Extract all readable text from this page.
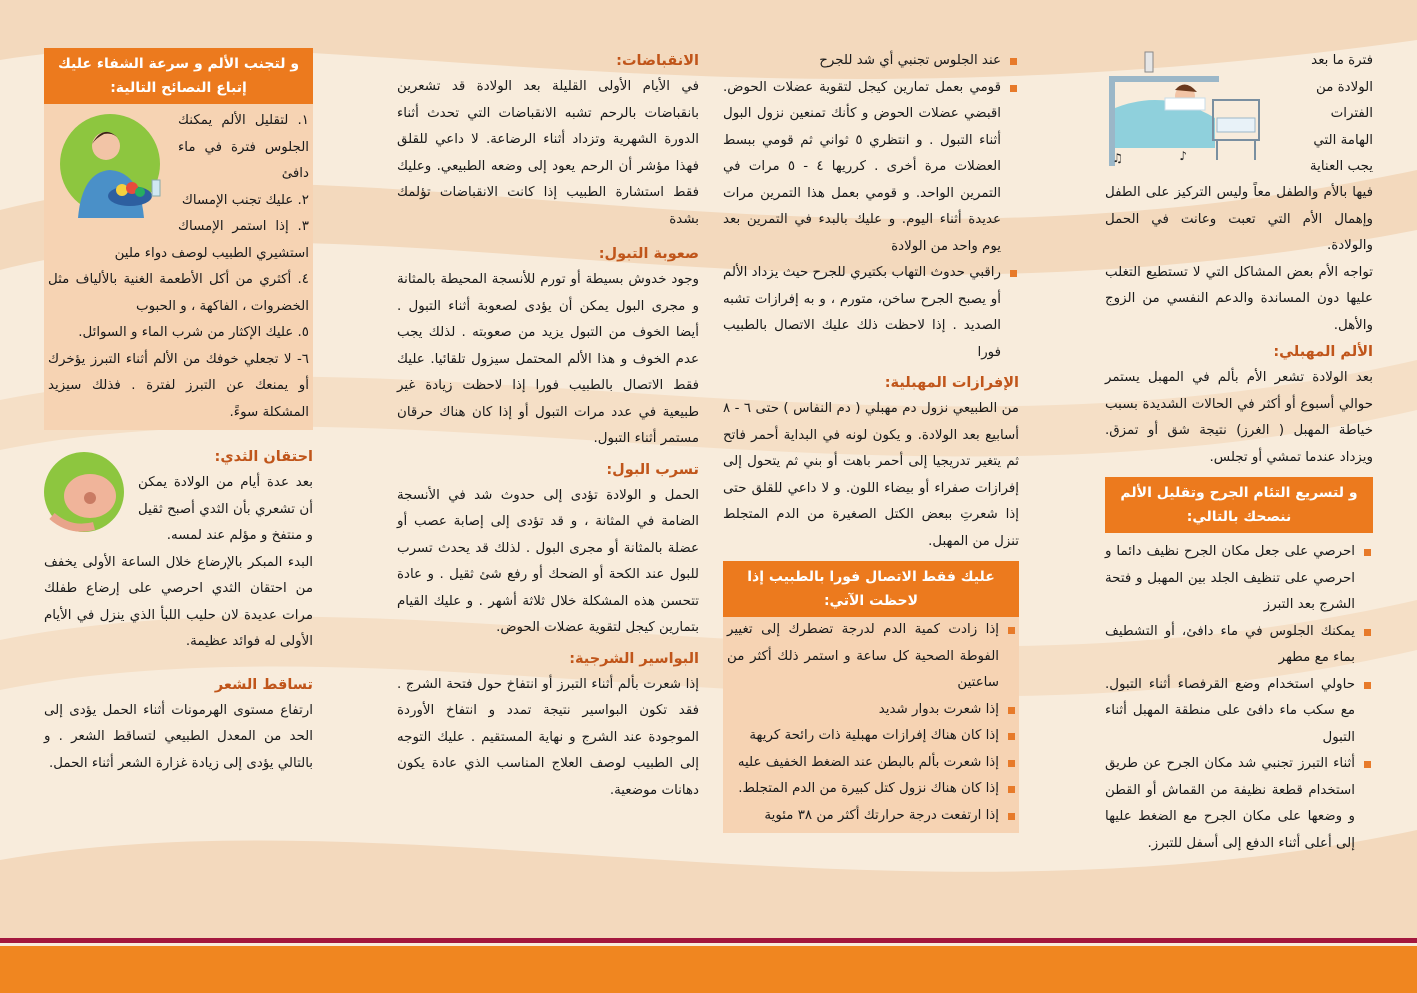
♪
♫

فترة ما بعد

الولادة من

الفترات

الهامة التي

يجب العناية

فيها بالأم والطفل معاً وليس التركيز على الطفل وإهمال الأم التي تعبت وعانت في الحمل والولادة.

تواجه الأم بعض المشاكل التي لا تستطيع التغلب عليها دون المساندة والدعم النفسي من الزوج والأهل.

الألم المهبلي:

بعد الولادة تشعر الأم بألم في المهبل يستمر حوالي أسبوع أو أكثر في الحالات الشديدة بسبب خياطة المهبل ( الغرز) نتيجة شق أو تمزق. ويزداد عندما تمشي أو تجلس.

و لتسريع التئام الجرح وتقليل الألم ننصحك بالتالي:

احرصي على جعل مكان الجرح نظيف دائما و احرصي على تنظيف الجلد بين المهبل و فتحة الشرج بعد التبرز
يمكنك الجلوس في ماء دافئ، أو التشطيف بماء مع مطهر
حاولي استخدام وضع القرفصاء أثناء التبول. مع سكب ماء دافئ على منطقة المهبل أثناء التبول
أثناء التبرز تجنبي شد مكان الجرح عن طريق استخدام قطعة نظيفة من القماش أو القطن و وضعها على مكان الجرح مع الضغط عليها إلى أعلى أثناء الدفع إلى أسفل للتبرز.
عند الجلوس تجنبي أي شد للجرح
قومي بعمل تمارين كيجل لتقوية عضلات الحوض. اقبضي عضلات الحوض و كأنك تمنعين نزول البول أثناء التبول . و انتظري ٥ ثواني ثم قومي ببسط العضلات مرة أخرى . كرريها ٤ - ٥ مرات في التمرين الواحد. و قومي بعمل هذا التمرين مرات عديدة أثناء اليوم. و عليك بالبدء في التمرين بعد يوم واحد من الولادة
راقبي حدوث التهاب بكتيري للجرح حيث يزداد الألم أو يصبح الجرح ساخن، متورم ، و به إفرازات تشبه الصديد . إذا لاحظت ذلك عليك الاتصال بالطبيب فورا

الإفرازات المهبلية:

من الطبيعي نزول دم مهبلي ( دم النفاس ) حتى ٦ - ٨ أسابيع بعد الولادة. و يكون لونه في البداية أحمر فاتح ثم يتغير تدريجيا إلى أحمر باهت أو بني ثم يتحول إلى إفرازات صفراء أو بيضاء اللون. و لا داعي للقلق حتى إذا شعرتِ ببعض الكتل الصغيرة من الدم المتجلط تنزل من المهبل.

عليك فقط الاتصال فورا بالطبيب إذا لاحظت الآتي:

إذا زادت كمية الدم لدرجة تضطرك إلى تغيير الفوطة الصحية كل ساعة و استمر ذلك أكثر من ساعتين
إذا شعرت بدوار شديد
إذا كان هناك إفرازات مهبلية ذات رائحة كريهة
إذا شعرت بألم بالبطن عند الضغط الخفيف عليه
إذا كان هناك نزول كتل كبيرة من الدم المتجلط.
إذا ارتفعت درجة حرارتك أكثر من ٣٨ مئوية

الانقباضات:

في الأيام الأولى القليلة بعد الولادة قد تشعرين بانقباضات بالرحم تشبه الانقباضات التي تحدث أثناء الدورة الشهرية وتزداد أثناء الرضاعة. لا داعي للقلق فهذا مؤشر أن الرحم يعود إلى وضعه الطبيعي. وعليك فقط استشارة الطبيب إذا كانت الانقباضات تؤلمك بشدة

صعوبة التبول:

وجود خدوش بسيطة أو تورم للأنسجة المحيطة بالمثانة و مجرى البول يمكن أن يؤدى لصعوبة أثناء التبول . أيضا الخوف من التبول يزيد من صعوبته . لذلك يجب عدم الخوف و هذا الألم المحتمل سيزول تلقائيا. عليك فقط الاتصال بالطبيب فورا إذا لاحظت زيادة غير طبيعية في عدد مرات التبول أو إذا كان هناك حرقان مستمر أثناء التبول.

تسرب البول:

الحمل و الولادة تؤدى إلى حدوث شد في الأنسجة الضامة في المثانة ، و قد تؤدى إلى إصابة عصب أو عضلة بالمثانة أو مجرى البول . لذلك قد يحدث تسرب للبول عند الكحة أو الضحك أو رفع شئ ثقيل . و عادة تتحسن هذه المشكلة خلال ثلاثة أشهر . و عليك القيام بتمارين كيجل لتقوية عضلات الحوض.

البواسير الشرجية:

إذا شعرت بألم أثناء التبرز أو انتفاخ حول فتحة الشرج . فقد تكون البواسير نتيجة تمدد و انتفاخ الأوردة الموجودة عند الشرج و نهاية المستقيم . عليك التوجه إلى الطبيب لوصف العلاج المناسب الذي عادة يكون دهانات موضعية.

و لتجنب الألم و سرعة الشفاء عليك إتباع النصائح التالية:

١. لتقليل الألم يمكنك الجلوس فترة في ماء دافئ

٢. عليك تجنب الإمساك

٣. إذا استمر الإمساك استشيري الطبيب لوصف دواء ملين

٤. أكثري من أكل الأطعمة الغنية بالألياف مثل الخضروات ، الفاكهة ، و الحبوب

٥. عليك الإكثار من شرب الماء و السوائل.

٦- لا تجعلي خوفك من الألم أثناء التبرز يؤخرك أو يمنعك عن التبرز لفترة . فذلك سيزيد المشكلة سوءً.

احتقان الثدي:

بعد عدة أيام من الولادة يمكن أن تشعري بأن الثدي أصبح ثقيل و منتفخ و مؤلم عند لمسه.

البدء المبكر بالإرضاع خلال الساعة الأولى يخفف من احتقان الثدي احرصي على إرضاع طفلك مرات عديدة لان حليب اللبأ الذي ينزل في الأيام الأولى له فوائد عظيمة.

تساقط الشعر

ارتفاع مستوى الهرمونات أثناء الحمل يؤدى إلى الحد من المعدل الطبيعي لتساقط الشعر . و بالتالي يؤدى إلى زيادة غزارة الشعر أثناء الحمل.
